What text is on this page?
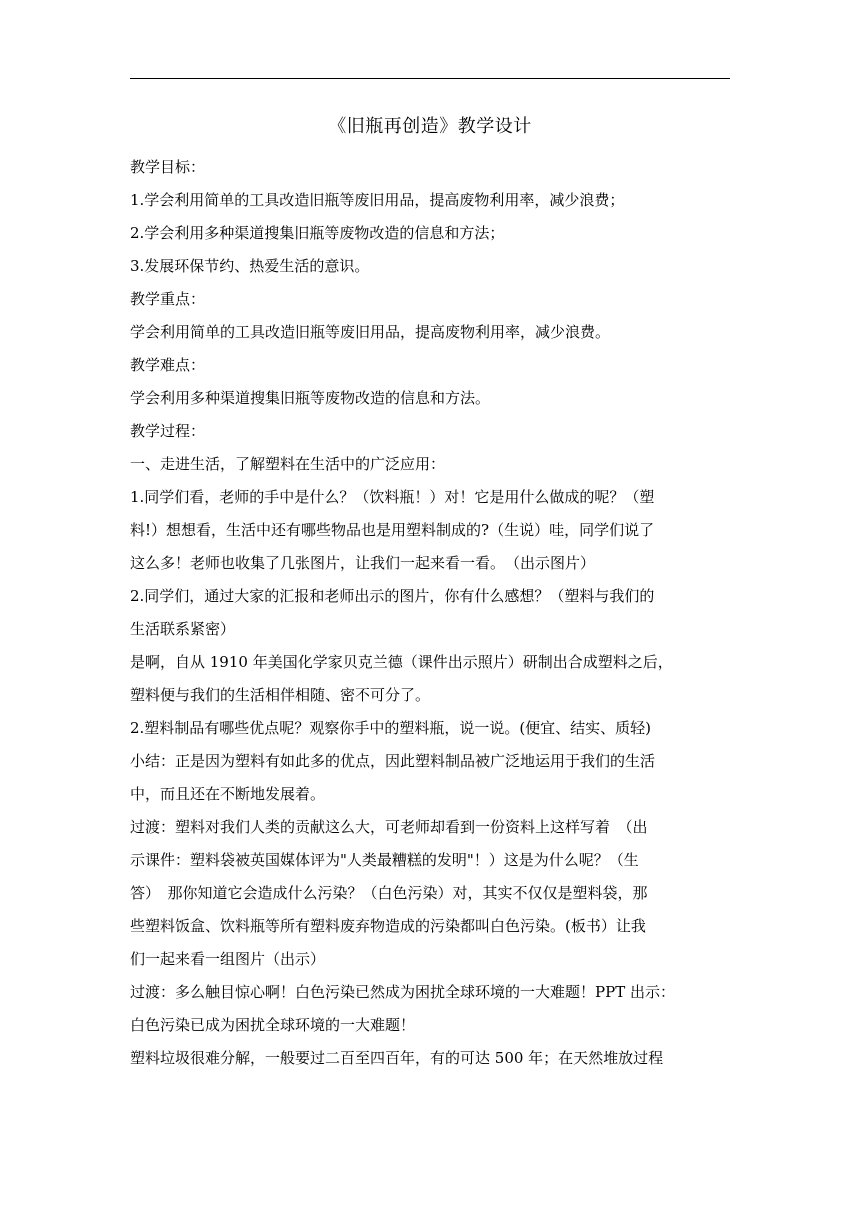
《旧瓶再创造》教学设计

教学目标：

1.学会利用简单的工具改造旧瓶等废旧用品，提高废物利用率，减少浪费；

2.学会利用多种渠道搜集旧瓶等废物改造的信息和方法；

3.发展环保节约、热爱生活的意识。

教学重点：

学会利用简单的工具改造旧瓶等废旧用品，提高废物利用率，减少浪费。

教学难点：

学会利用多种渠道搜集旧瓶等废物改造的信息和方法。

教学过程：

一、走进生活，了解塑料在生活中的广泛应用：

1.同学们看，老师的手中是什么？（饮料瓶！）对！它是用什么做成的呢？（塑

料!）想想看，生活中还有哪些物品也是用塑料制成的?（生说）哇，同学们说了

这么多！老师也收集了几张图片，让我们一起来看一看。　（出示图片）

2.同学们，通过大家的汇报和老师出示的图片，你有什么感想？（塑料与我们的

生活联系紧密）

是啊，自从 1910 年美国化学家贝克兰德（课件出示照片）研制出合成塑料之后，

塑料便与我们的生活相伴相随、密不可分了。

2.塑料制品有哪些优点呢？观察你手中的塑料瓶，说一说。(便宜、结实、质轻)

小结：正是因为塑料有如此多的优点，因此塑料制品被广泛地运用于我们的生活

中，而且还在不断地发展着。

过渡：塑料对我们人类的贡献这么大，可老师却看到一份资料上这样写着　（出

示课件：塑料袋被英国媒体评为"人类最糟糕的发明"！）这是为什么呢？（生

答）　那你知道它会造成什么污染？（白色污染）对，其实不仅仅是塑料袋，那

些塑料饭盒、饮料瓶等所有塑料废弃物造成的污染都叫白色污染。(板书）让我

们一起来看一组图片（出示）

过渡：多么触目惊心啊！白色污染已然成为困扰全球环境的一大难题！PPT 出示：

白色污染已成为困扰全球环境的一大难题！

塑料垃圾很难分解，一般要过二百至四百年，有的可达 500 年；在天然堆放过程
